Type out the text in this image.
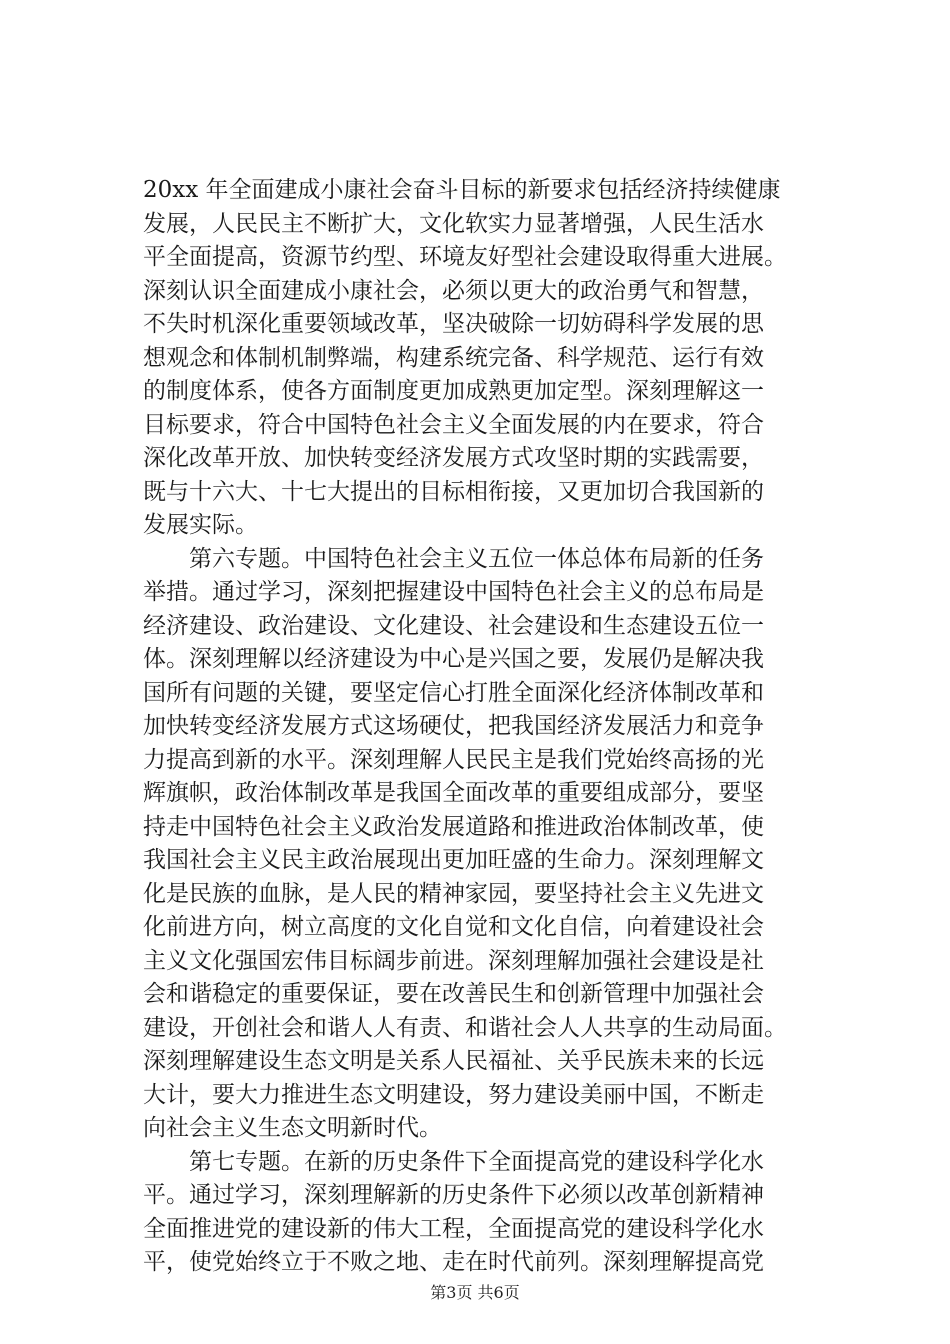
20xx 年全面建成小康社会奋斗目标的新要求包括经济持续健康
发展，人民民主不断扩大，文化软实力显著增强，人民生活水
平全面提高，资源节约型、环境友好型社会建设取得重大进展。
深刻认识全面建成小康社会，必须以更大的政治勇气和智慧，
不失时机深化重要领域改革，坚决破除一切妨碍科学发展的思
想观念和体制机制弊端，构建系统完备、科学规范、运行有效
的制度体系，使各方面制度更加成熟更加定型。深刻理解这一
目标要求，符合中国特色社会主义全面发展的内在要求，符合
深化改革开放、加快转变经济发展方式攻坚时期的实践需要，
既与十六大、十七大提出的目标相衔接，又更加切合我国新的
发展实际。
第六专题。中国特色社会主义五位一体总体布局新的任务
举措。通过学习，深刻把握建设中国特色社会主义的总布局是
经济建设、政治建设、文化建设、社会建设和生态建设五位一
体。深刻理解以经济建设为中心是兴国之要，发展仍是解决我
国所有问题的关键，要坚定信心打胜全面深化经济体制改革和
加快转变经济发展方式这场硬仗，把我国经济发展活力和竞争
力提高到新的水平。深刻理解人民民主是我们党始终高扬的光
辉旗帜，政治体制改革是我国全面改革的重要组成部分，要坚
持走中国特色社会主义政治发展道路和推进政治体制改革，使
我国社会主义民主政治展现出更加旺盛的生命力。深刻理解文
化是民族的血脉，是人民的精神家园，要坚持社会主义先进文
化前进方向，树立高度的文化自觉和文化自信，向着建设社会
主义文化强国宏伟目标阔步前进。深刻理解加强社会建设是社
会和谐稳定的重要保证，要在改善民生和创新管理中加强社会
建设，开创社会和谐人人有责、和谐社会人人共享的生动局面。
深刻理解建设生态文明是关系人民福祉、关乎民族未来的长远
大计，要大力推进生态文明建设，努力建设美丽中国，不断走
向社会主义生态文明新时代。
第七专题。在新的历史条件下全面提高党的建设科学化水
平。通过学习，深刻理解新的历史条件下必须以改革创新精神
全面推进党的建设新的伟大工程，全面提高党的建设科学化水
平，使党始终立于不败之地、走在时代前列。深刻理解提高党
第3页 共6页
